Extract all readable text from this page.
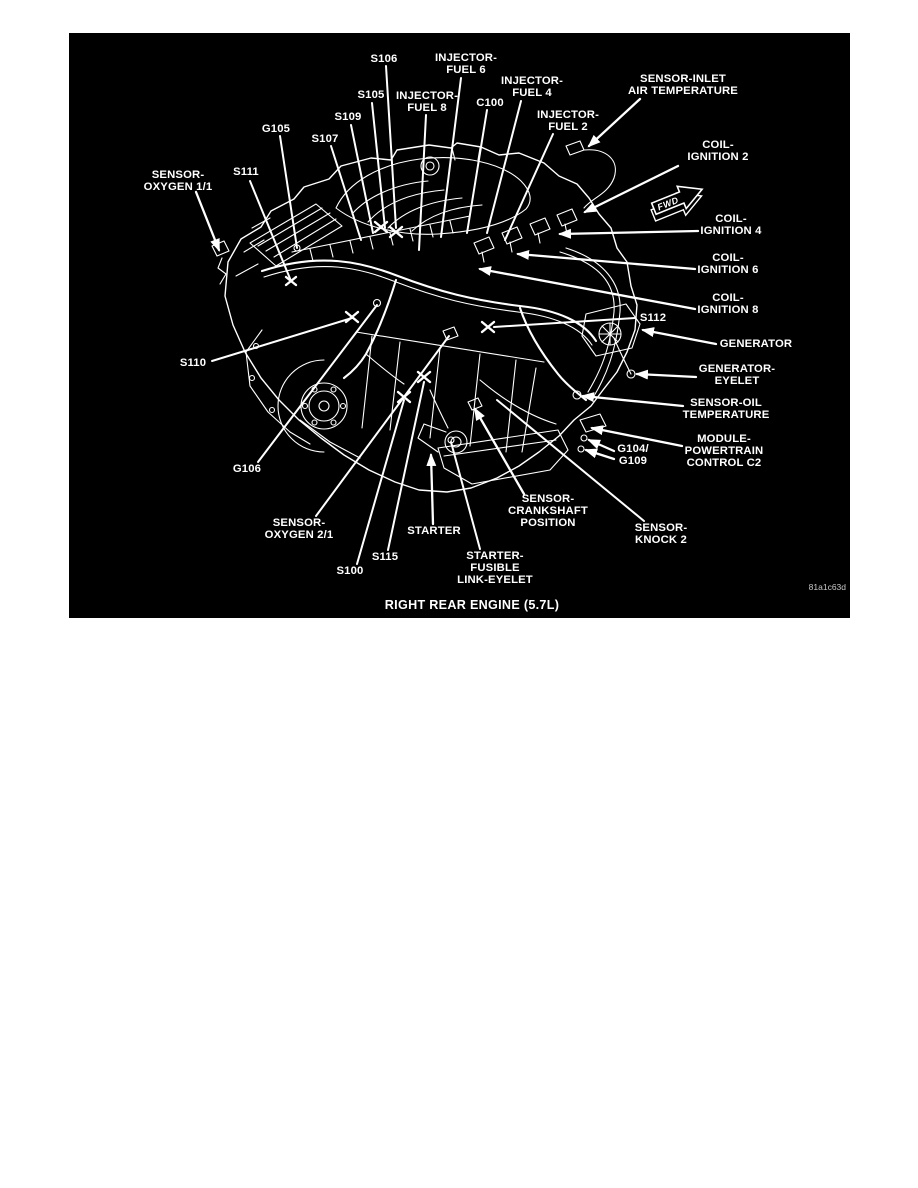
FWD
S106	INJECTOR-FUEL 6
INJECTOR-FUEL 4
SENSOR-INLET AIR TEMPERATURE
S105 INJECTOR-FUEL 8	C100
INJECTOR-FUEL 2
S109
G105
S107	COIL-IGNITION 2
SENSOR-OXYGEN 1/1
S111
COIL-IGNITION 4
COIL-IGNITION 6
COIL-IGNITION 8
S112
GENERATOR
GENERATOR-EYELET
SENSOR-OIL TEMPERATURE
MODULE-POWERTRAIN CONTROL C2
G104/ G109
S110
G106
SENSOR-OXYGEN 2/1
SENSOR-CRANKSHAFT POSITION	SENSOR-KNOCK 2
STARTER
STARTER-FUSIBLE LINK-EYELET
S115
S100
RIGHT REAR ENGINE (5.7L)
81a1c63d
